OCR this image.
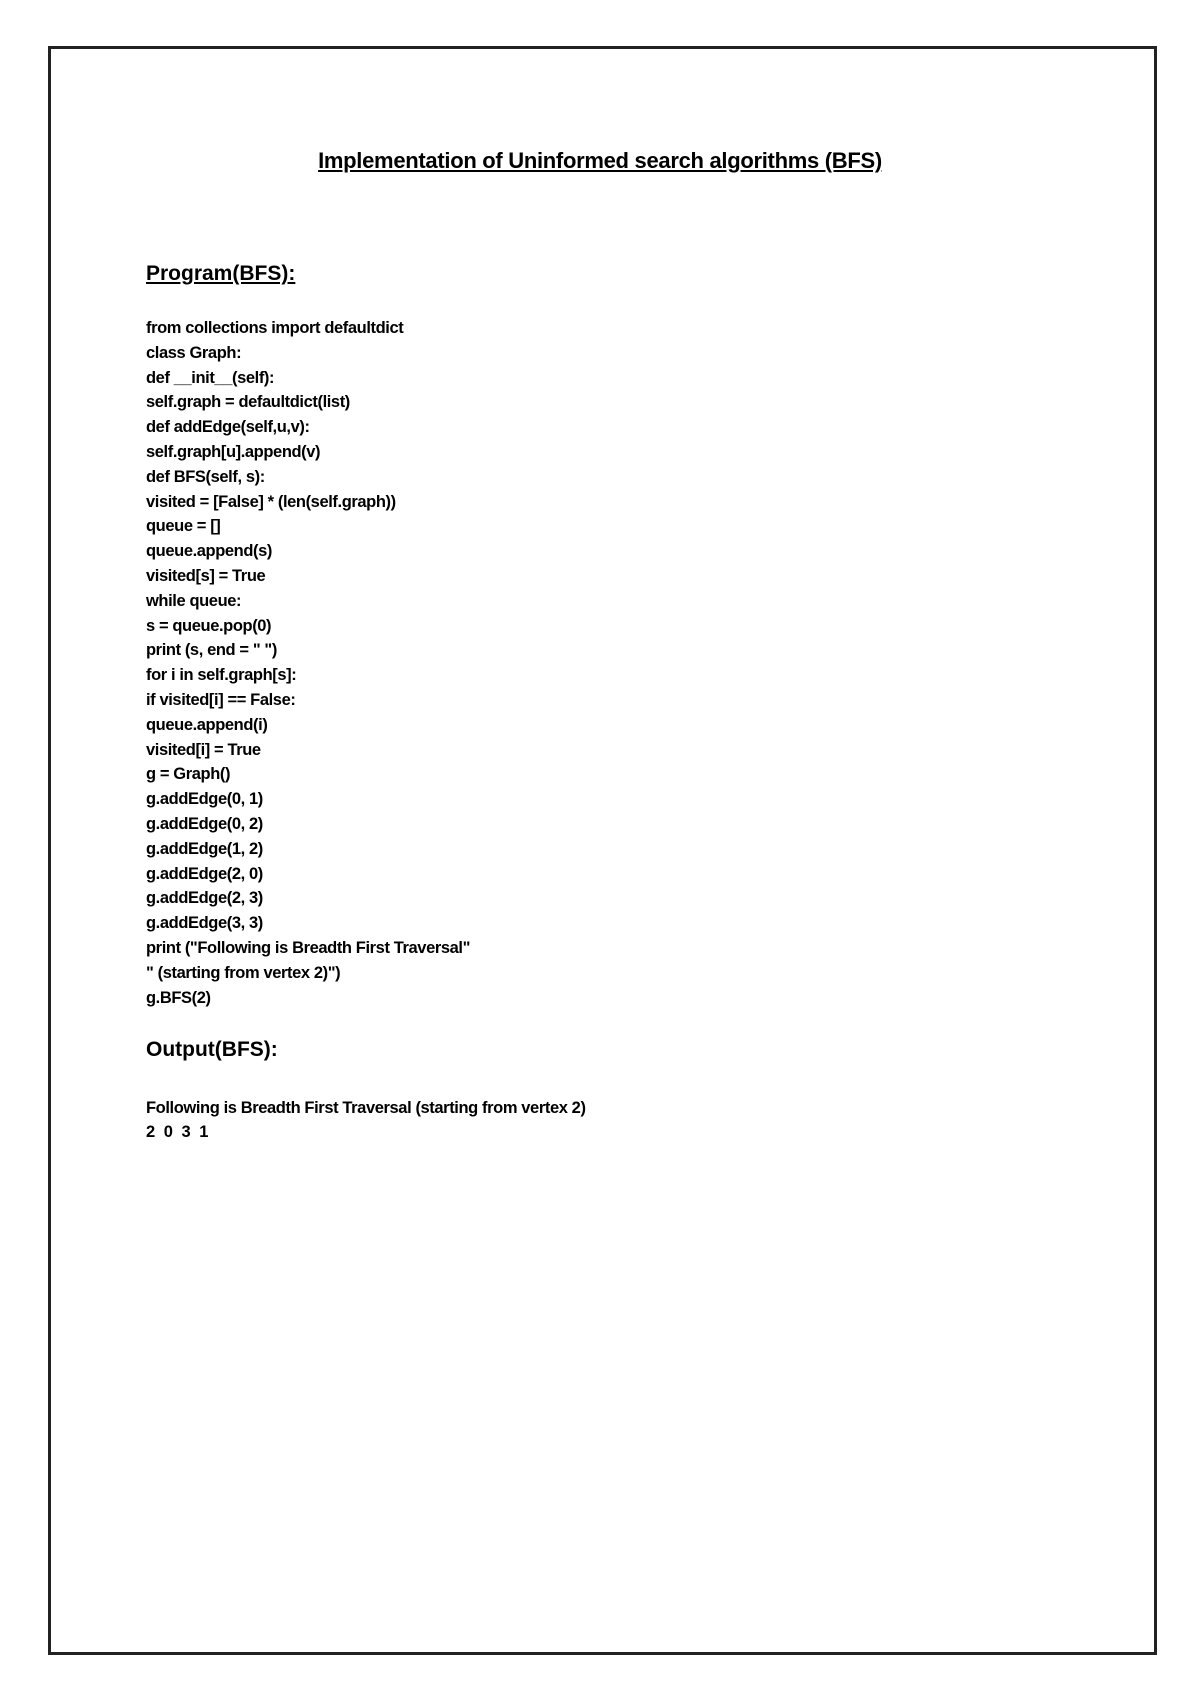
Implementation of Uninformed search algorithms (BFS)
Program(BFS):
from collections import defaultdict
class Graph:
def __init__(self):
self.graph = defaultdict(list)
def addEdge(self,u,v):
self.graph[u].append(v)
def BFS(self, s):
visited = [False] * (len(self.graph))
queue = []
queue.append(s)
visited[s] = True
while queue:
s = queue.pop(0)
print (s, end = " ")
for i in self.graph[s]:
if visited[i] == False:
queue.append(i)
visited[i] = True
g = Graph()
g.addEdge(0, 1)
g.addEdge(0, 2)
g.addEdge(1, 2)
g.addEdge(2, 0)
g.addEdge(2, 3)
g.addEdge(3, 3)
print ("Following is Breadth First Traversal"
" (starting from vertex 2)")
g.BFS(2)
Output(BFS):
Following is Breadth First Traversal (starting from vertex 2)
2 0 3 1
